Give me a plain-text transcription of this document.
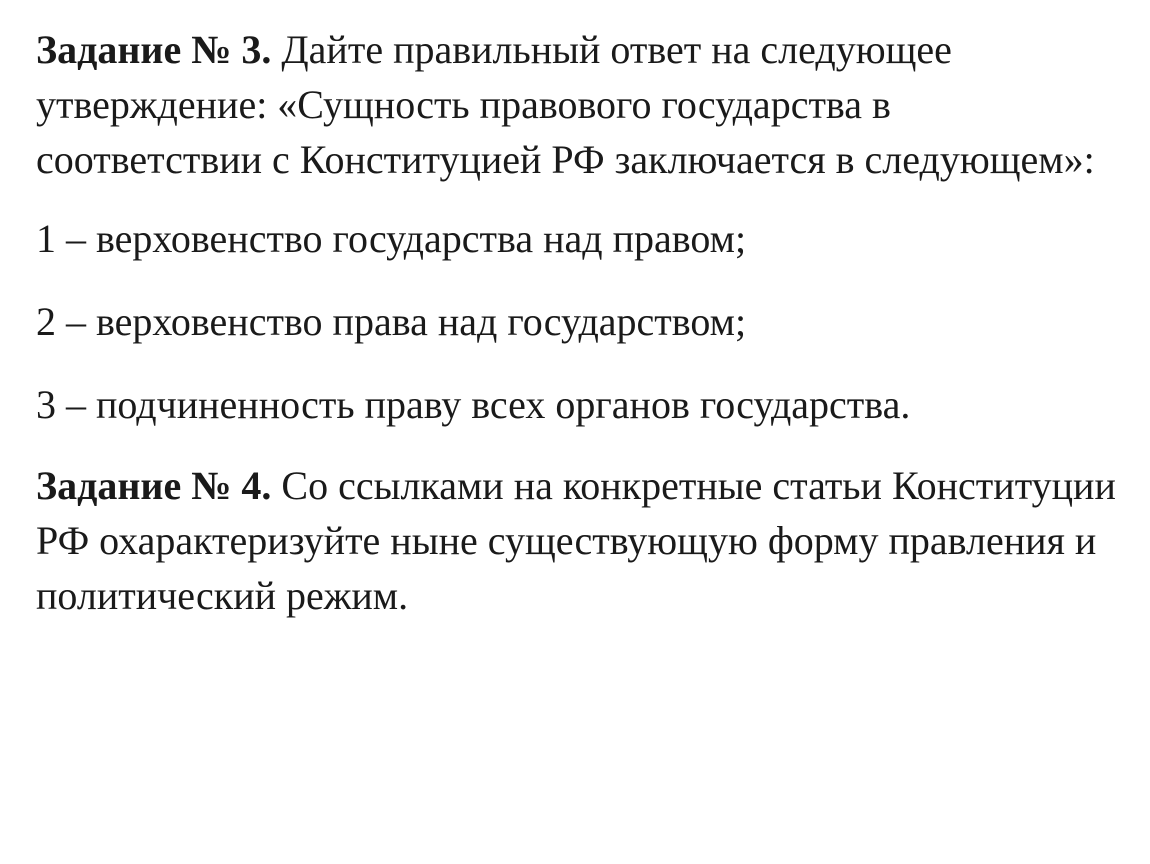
Задание № 3. Дайте правильный ответ на следующее утверждение: «Сущность правового государства в соответствии с Конституцией РФ заключается в следующем»:

1 – верховенство государства над правом;

2 – верховенство права над государством;

3 – подчиненность праву всех органов государства.

Задание № 4. Со ссылками на конкретные статьи Конституции РФ охарактеризуйте ныне существующую форму правления и политический режим.
